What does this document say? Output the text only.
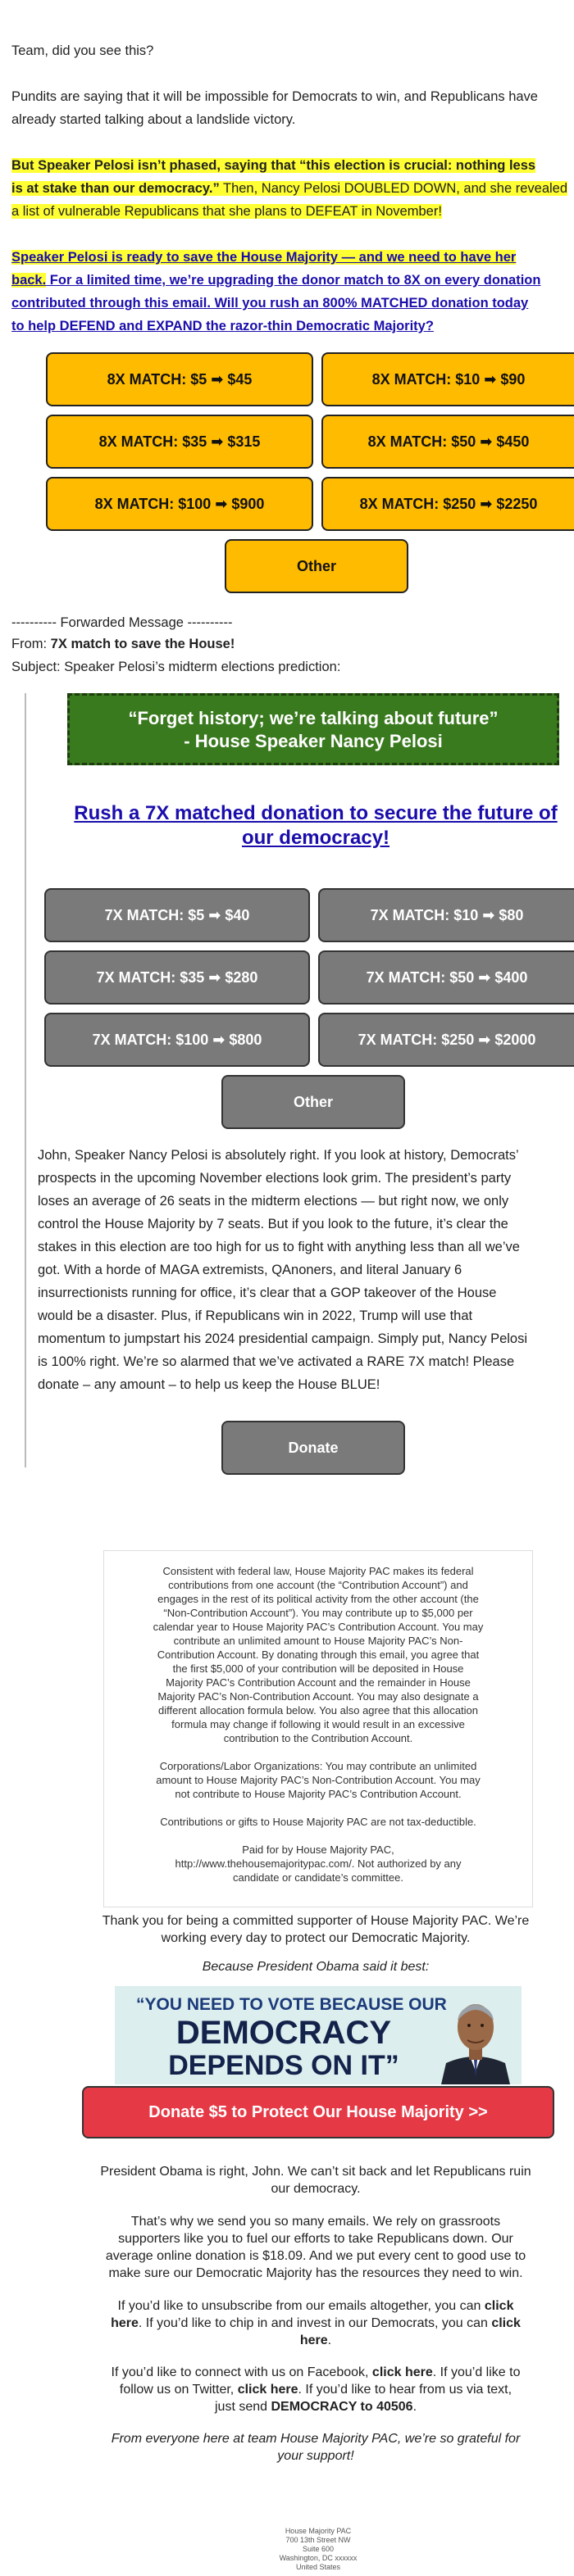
Team, did you see this?

Pundits are saying that it will be impossible for Democrats to win, and Republicans have

already started talking about a landslide victory.

But Speaker Pelosi isn’t phased, saying that “this election is crucial: nothing less

is at stake than our democracy.” Then, Nancy Pelosi DOUBLED DOWN, and she revealed

a list of vulnerable Republicans that she plans to DEFEAT in November!

Speaker Pelosi is ready to save the House Majority — and we need to have her

back. For a limited time, we’re upgrading the donor match to 8X on every donation

contributed through this email. Will you rush an 800% MATCHED donation today

to help DEFEND and EXPAND the razor-thin Democratic Majority?

8X MATCH: $5 ➡ $45	8X MATCH: $10 ➡ $90
8X MATCH: $35 ➡ $315	8X MATCH: $50 ➡ $450
8X MATCH: $100 ➡ $900	8X MATCH: $250 ➡ $2250
Other

---------- Forwarded Message ----------

From: 7X match to save the House!

Subject: Speaker Pelosi’s midterm elections prediction:

“Forget history; we’re talking about future”
- House Speaker Nancy Pelosi
Rush a 7X matched donation to secure the future of
our democracy!
7X MATCH: $5 ➡ $40	7X MATCH: $10 ➡ $80
7X MATCH: $35 ➡ $280	7X MATCH: $50 ➡ $400
7X MATCH: $100 ➡ $800	7X MATCH: $250 ➡ $2000
Other
John, Speaker Nancy Pelosi is absolutely right. If you look at history, Democrats’
prospects in the upcoming November elections look grim. The president’s party
loses an average of 26 seats in the midterm elections — but right now, we only
control the House Majority by 7 seats. But if you look to the future, it’s clear the
stakes in this election are too high for us to fight with anything less than all we’ve
got. With a horde of MAGA extremists, QAnoners, and literal January 6
insurrectionists running for office, it’s clear that a GOP takeover of the House
would be a disaster. Plus, if Republicans win in 2022, Trump will use that
momentum to jumpstart his 2024 presidential campaign. Simply put, Nancy Pelosi
is 100% right. We’re so alarmed that we’ve activated a RARE 7X match! Please
donate – any amount – to help us keep the House BLUE!
Donate
Consistent with federal law, House Majority PAC makes its federal
contributions from one account (the “Contribution Account”) and
engages in the rest of its political activity from the other account (the
“Non-Contribution Account”). You may contribute up to $5,000 per
calendar year to House Majority PAC’s Contribution Account. You may
contribute an unlimited amount to House Majority PAC’s Non-
Contribution Account. By donating through this email, you agree that
the first $5,000 of your contribution will be deposited in House
Majority PAC’s Contribution Account and the remainder in House
Majority PAC’s Non-Contribution Account. You may also designate a
different allocation formula below. You also agree that this allocation
formula may change if following it would result in an excessive
contribution to the Contribution Account.
Corporations/Labor Organizations: You may contribute an unlimited
amount to House Majority PAC’s Non-Contribution Account. You may
not contribute to House Majority PAC’s Contribution Account.
Contributions or gifts to House Majority PAC are not tax-deductible.
Paid for by House Majority PAC,
http://www.thehousemajoritypac.com/. Not authorized by any
candidate or candidate’s committee.
Thank you for being a committed supporter of House Majority PAC. We’re
working every day to protect our Democratic Majority.
Because President Obama said it best:
“YOU NEED TO VOTE BECAUSE OUR
DEMOCRACY
DEPENDS ON IT”
Donate $5 to Protect Our House Majority >>
President Obama is right, John. We can’t sit back and let Republicans ruin
our democracy.
That’s why we send you so many emails. We rely on grassroots
supporters like you to fuel our efforts to take Republicans down. Our
average online donation is $18.09. And we put every cent to good use to
make sure our Democratic Majority has the resources they need to win.
If you’d like to unsubscribe from our emails altogether, you can click
here. If you’d like to chip in and invest in our Democrats, you can click
here.
If you’d like to connect with us on Facebook, click here. If you’d like to
follow us on Twitter, click here. If you’d like to hear from us via text,
just send DEMOCRACY to 40506.
From everyone here at team House Majority PAC, we’re so grateful for
your support!
House Majority PAC
700 13th Street NW
Suite 600
Washington, DC xxxxxx
United States
